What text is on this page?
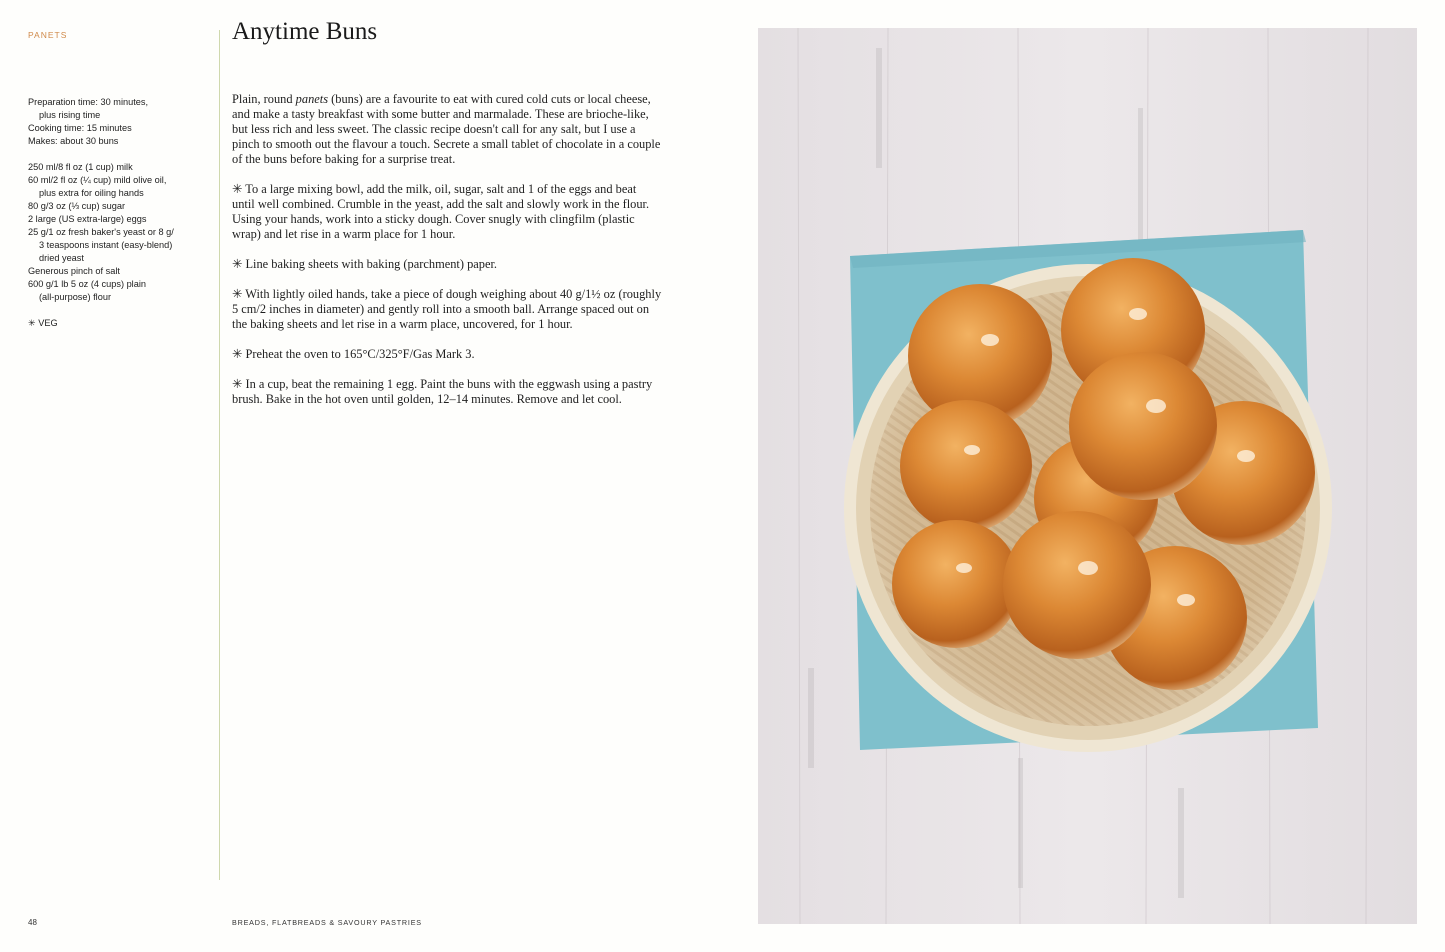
PANETS
Preparation time: 30 minutes,
plus rising time
Cooking time: 15 minutes
Makes: about 30 buns
250 ml/8 fl oz (1 cup) milk
60 ml/2 fl oz (¼ cup) mild olive oil,
plus extra for oiling hands
80 g/3 oz (⅓ cup) sugar
2 large (US extra-large) eggs
25 g/1 oz fresh baker's yeast or 8 g/
3 teaspoons instant (easy-blend)
dried yeast
Generous pinch of salt
600 g/1 lb 5 oz (4 cups) plain
(all-purpose) flour
✳ VEG
Anytime Buns

Plain, round panets (buns) are a favourite to eat with cured cold cuts or local cheese, and make a tasty breakfast with some butter and marmalade. These are brioche-like, but less rich and less sweet. The classic recipe doesn't call for any salt, but I use a pinch to smooth out the flavour a touch. Secrete a small tablet of chocolate in a couple of the buns before baking for a surprise treat.

✳ To a large mixing bowl, add the milk, oil, sugar, salt and 1 of the eggs and beat until well combined. Crumble in the yeast, add the salt and slowly work in the flour. Using your hands, work into a sticky dough. Cover snugly with clingfilm (plastic wrap) and let rise in a warm place for 1 hour.

✳ Line baking sheets with baking (parchment) paper.

✳ With lightly oiled hands, take a piece of dough weighing about 40 g/1½ oz (roughly 5 cm/2 inches in diameter) and gently roll into a smooth ball. Arrange spaced out on the baking sheets and let rise in a warm place, uncovered, for 1 hour.

✳ Preheat the oven to 165°C/325°F/Gas Mark 3.

✳ In a cup, beat the remaining 1 egg. Paint the buns with the eggwash using a pastry brush. Bake in the hot oven until golden, 12–14 minutes. Remove and let cool.

48	BREADS, FLATBREADS & SAVOURY PASTRIES
